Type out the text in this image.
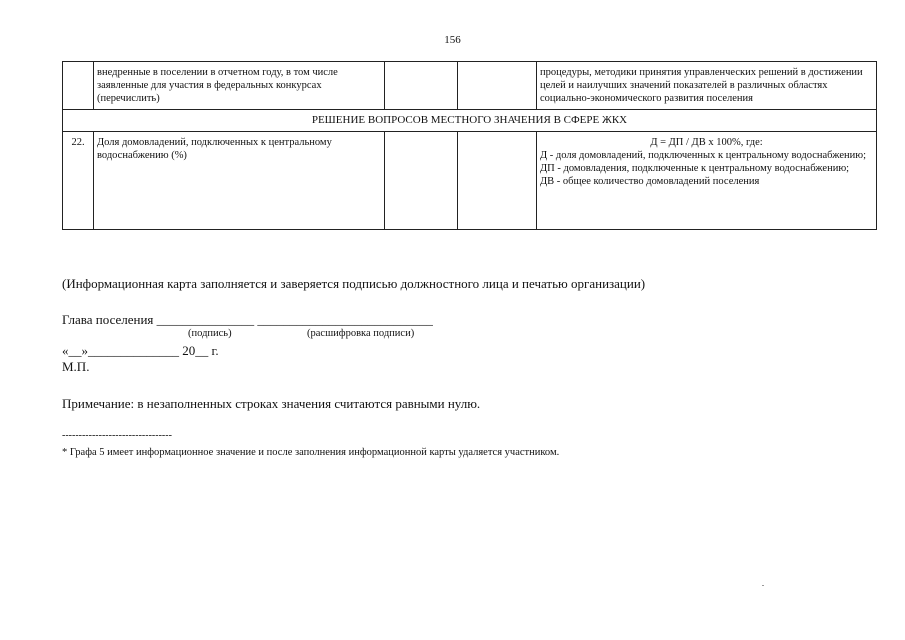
156
	внедренные в поселении в отчетном году, в том числе заявленные для участия в федеральных конкурсах (перечислить)			процедуры, методики принятия управленческих решений в достижении целей и наилучших значений показателей в различных областях социально-экономического развития поселения
РЕШЕНИЕ ВОПРОСОВ МЕСТНОГО ЗНАЧЕНИЯ В СФЕРЕ ЖКХ				
22.	Доля домовладений, подключенных к центральному водоснабжению (%)			Д = ДП / ДВ х 100%, где:
Д - доля домовладений, подключенных к центральному водоснабжению;
ДП - домовладения, подключенные к центральному водоснабжению;
ДВ - общее количество домовладений поселения
(Информационная карта заполняется и заверяется подписью должностного лица и печатью организации)
Глава поселения _______________ ___________________________
(подпись)	(расшифровка подписи)
«__»______________ 20__ г.
М.П.
Примечание: в незаполненных строках значения считаются равными нулю.
---------------------------------
* Графа 5 имеет информационное значение и после заполнения информационной карты удаляется участником.
